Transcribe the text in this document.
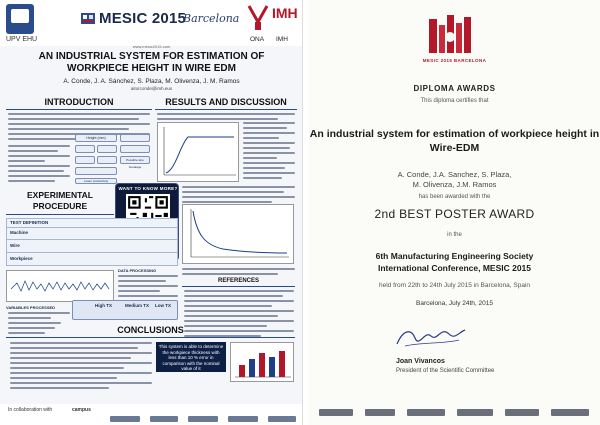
UPV EHU
MESIC 2015
Barcelona IMH
ONA IMH
www.mesic2015.com
AN INDUSTRIAL SYSTEM FOR ESTIMATION OF WORKPIECE HEIGHT IN WIRE EDM
A. Conde, J. A. Sánchez, S. Plaza, M. Olivenza, J. M. Ramos
aitorconde@imh.eus
INTRODUCTION
Height (mm)
Possible wire breakage
Lower productivity
RESULTS AND DISCUSSION
WANT TO KNOW MORE?
EXPERIMENTAL PROCEDURE
TEST DEFINITION
Machine
Wire
Workpiece
VARIABLES PROCESSED
DATA PROCESSING
High TX	Medium TX Low TX
REFERENCES
CONCLUSIONS
This system is able to determine the workpiece thickness with less than 10 % error in comparison with the nominal value of it
In collaboration with	campus
MESIC 2015 BARCELONA
DIPLOMA AWARDS
This diploma certifies that
An industrial system for estimation of workpiece height in Wire-EDM
A. Conde, J.A. Sanchez, S. Plaza,
M. Olivenza, J.M. Ramos
has been awarded with the
2nd BEST POSTER AWARD
in the
6th Manufacturing Engineering Society
International Conference, MESIC 2015
held from 22th to 24th July 2015 in Barcelona, Spain
Barcelona, July 24th, 2015
Joan Vivancos
President of the Scientific Committee
